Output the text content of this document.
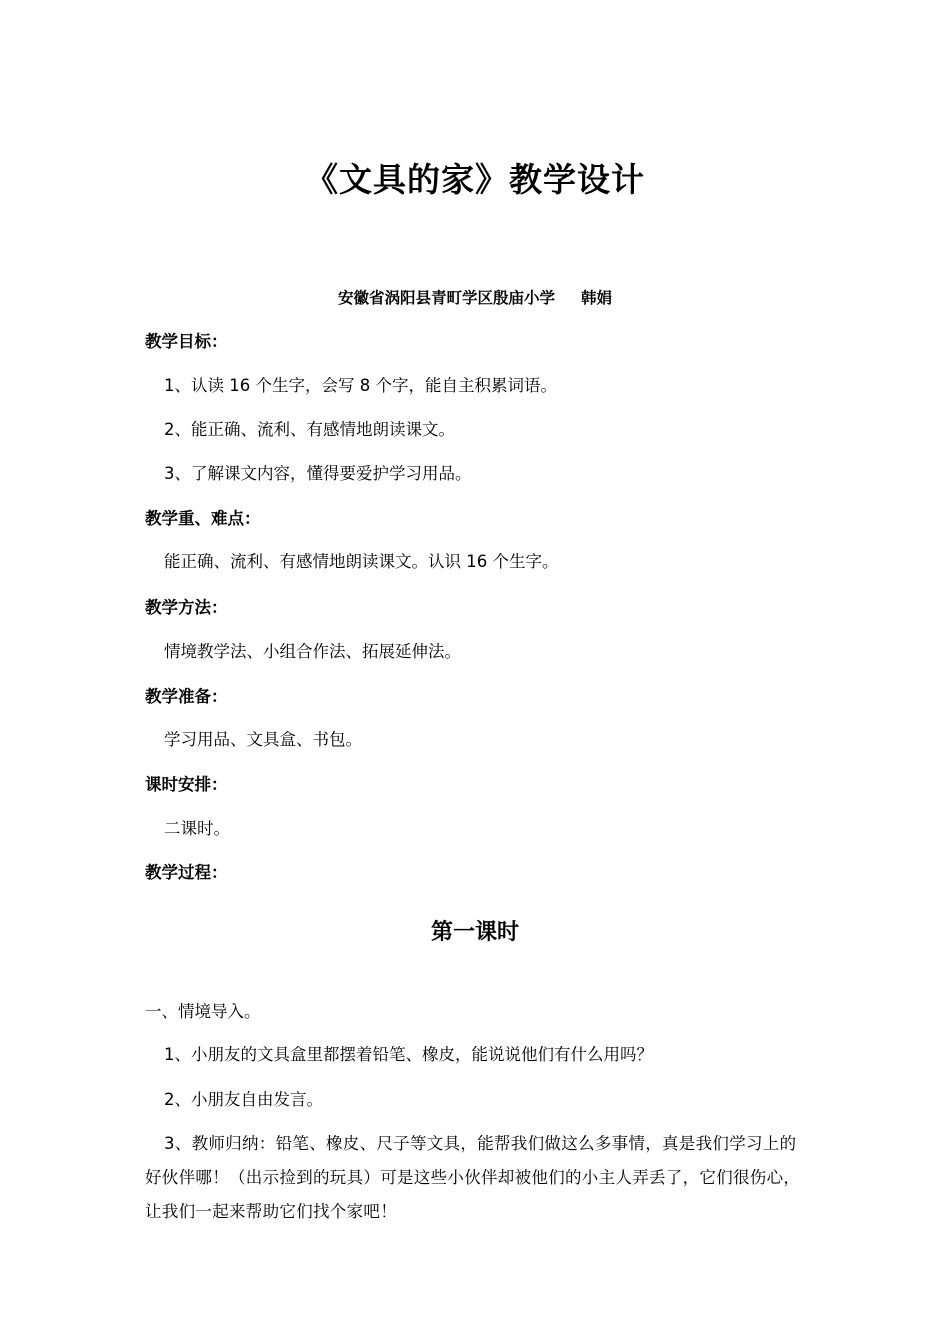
《文具的家》教学设计
安徽省涡阳县青町学区殷庙小学 韩娟
教学目标：
1、认读 16 个生字，会写 8 个字，能自主积累词语。
2、能正确、流利、有感情地朗读课文。
3、了解课文内容，懂得要爱护学习用品。
教学重、难点：
能正确、流利、有感情地朗读课文。认识 16 个生字。
教学方法：
情境教学法、小组合作法、拓展延伸法。
教学准备：
学习用品、文具盒、书包。
课时安排：
二课时。
教学过程：
第一课时
一、情境导入。
1、小朋友的文具盒里都摆着铅笔、橡皮，能说说他们有什么用吗？
2、小朋友自由发言。
3、教师归纳：铅笔、橡皮、尺子等文具，能帮我们做这么多事情，真是我们学习上的好伙伴哪！（出示捡到的玩具）可是这些小伙伴却被他们的小主人弄丢了，它们很伤心，让我们一起来帮助它们找个家吧！
